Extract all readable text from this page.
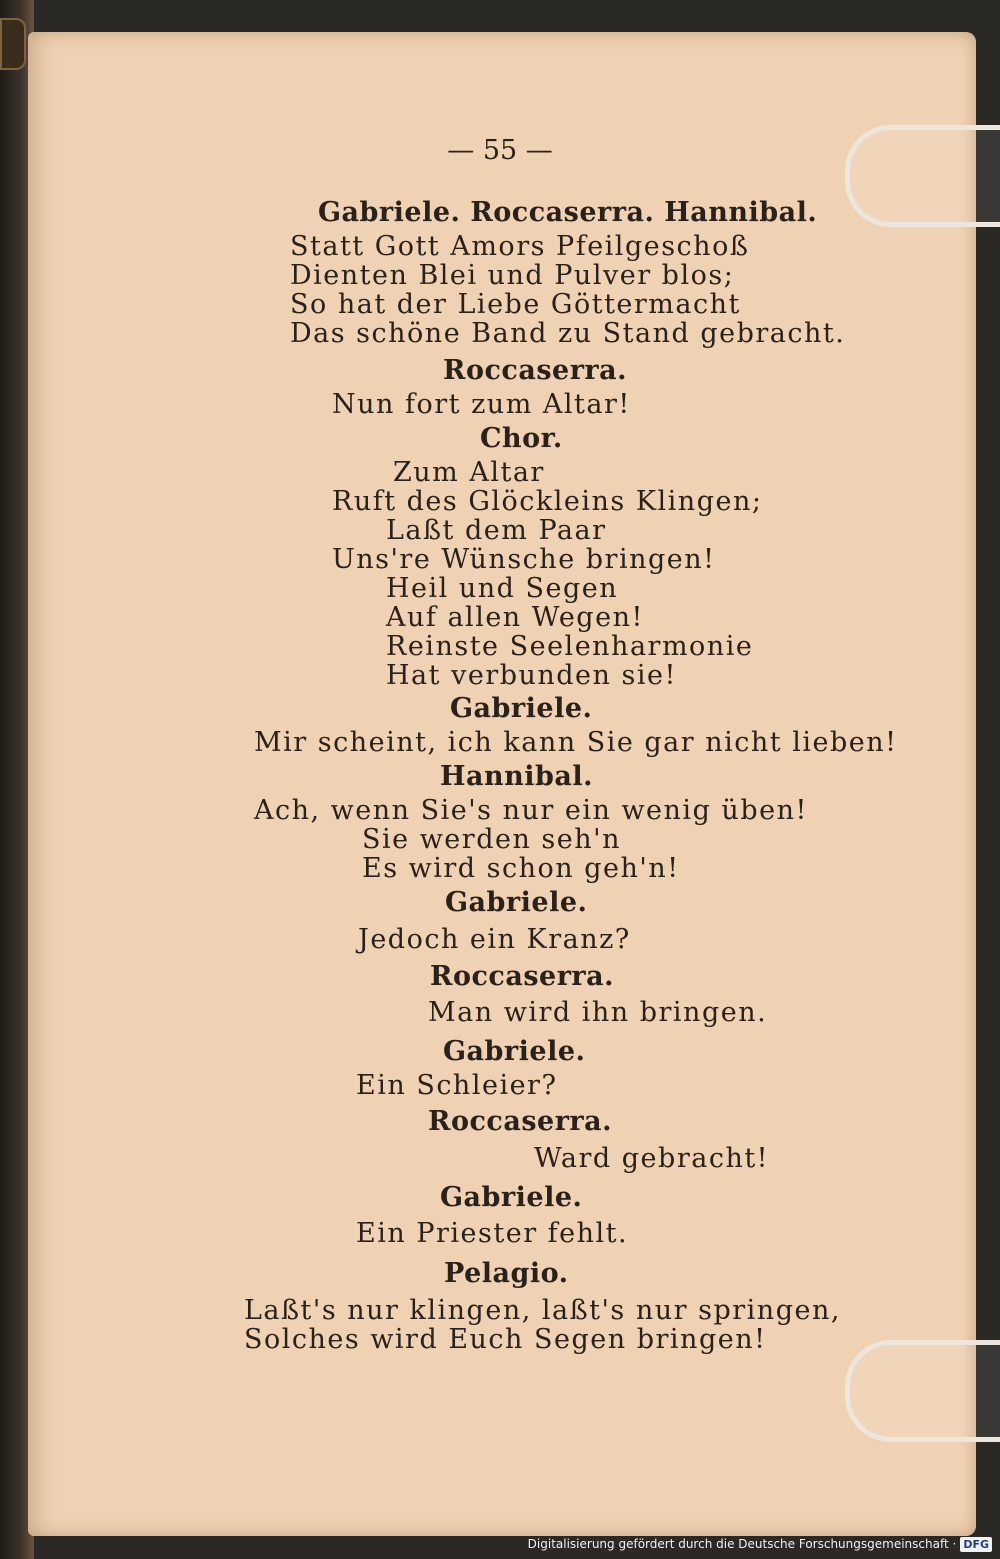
— 55 —
Gabriele. Roccaserra. Hannibal.
Statt Gott Amors Pfeilgeschoß
Dienten Blei und Pulver blos;
So hat der Liebe Göttermacht
Das schöne Band zu Stand gebracht.
Roccaserra.
Nun fort zum Altar!
Chor.
Zum Altar
Ruft des Glöckleins Klingen;
Laßt dem Paar
Uns're Wünsche bringen!
Heil und Segen
Auf allen Wegen!
Reinste Seelenharmonie
Hat verbunden sie!
Gabriele.
Mir scheint, ich kann Sie gar nicht lieben!
Hannibal.
Ach, wenn Sie's nur ein wenig üben!
Sie werden seh'n
Es wird schon geh'n!
Gabriele.
Jedoch ein Kranz?
Roccaserra.
Man wird ihn bringen.
Gabriele.
Ein Schleier?
Roccaserra.
Ward gebracht!
Gabriele.
Ein Priester fehlt.
Pelagio.
Laßt's nur klingen, laßt's nur springen,
Solches wird Euch Segen bringen!
Digitalisierung gefördert durch die Deutsche Forschungsgemeinschaft · DFG
